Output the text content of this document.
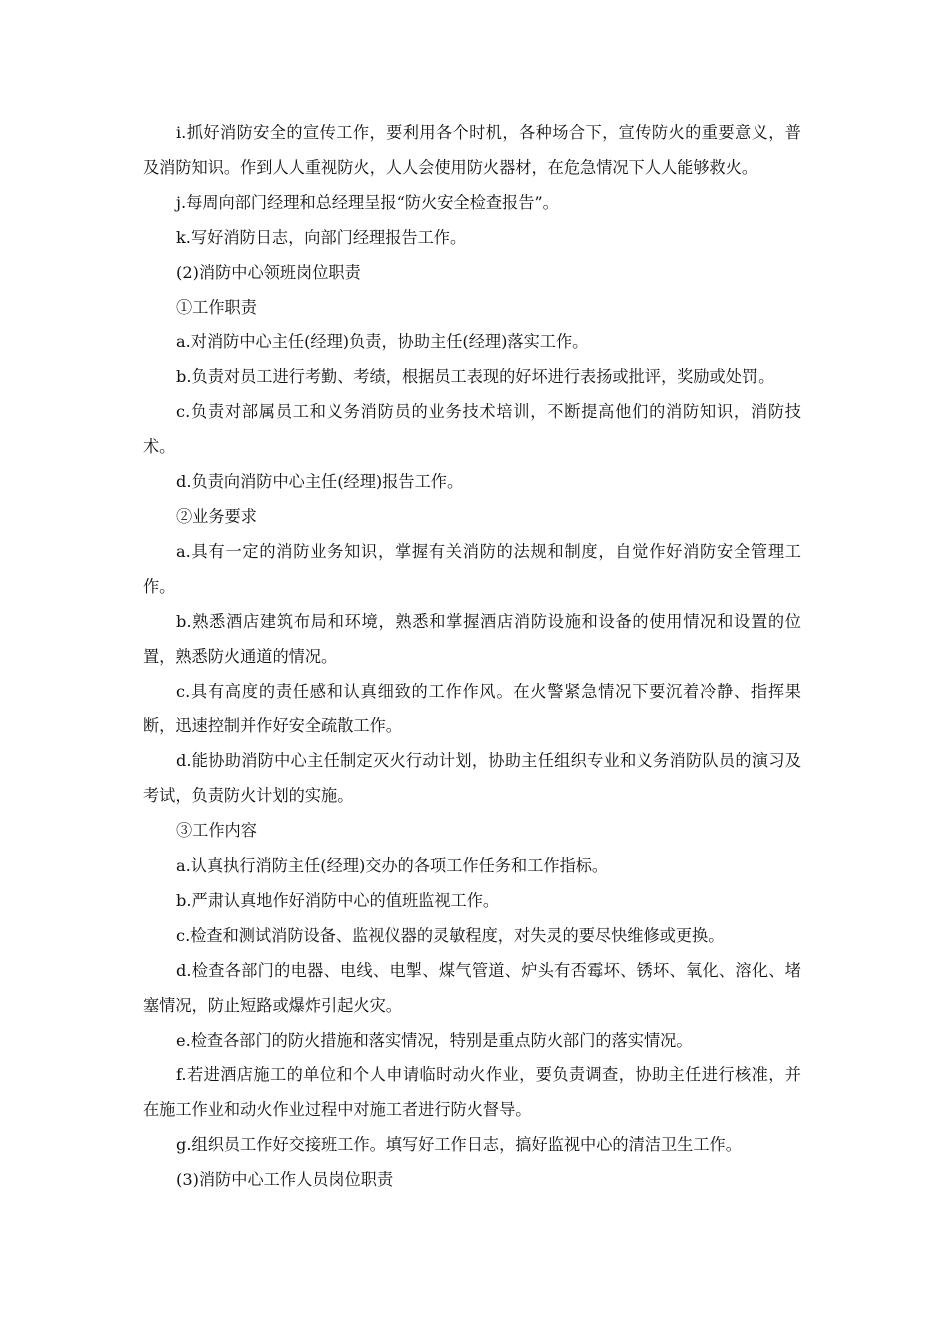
i.抓好消防安全的宣传工作，要利用各个时机，各种场合下，宣传防火的重要意义，普及消防知识。作到人人重视防火，人人会使用防火器材，在危急情况下人人能够救火。

j.每周向部门经理和总经理呈报“防火安全检查报告”。

k.写好消防日志，向部门经理报告工作。

(2)消防中心领班岗位职责

①工作职责

a.对消防中心主任(经理)负责，协助主任(经理)落实工作。

b.负责对员工进行考勤、考绩，根据员工表现的好坏进行表扬或批评，奖励或处罚。

c.负责对部属员工和义务消防员的业务技术培训，不断提高他们的消防知识，消防技术。

d.负责向消防中心主任(经理)报告工作。

②业务要求

a.具有一定的消防业务知识，掌握有关消防的法规和制度，自觉作好消防安全管理工作。

b.熟悉酒店建筑布局和环境，熟悉和掌握酒店消防设施和设备的使用情况和设置的位置，熟悉防火通道的情况。

c.具有高度的责任感和认真细致的工作作风。在火警紧急情况下要沉着冷静、指挥果断，迅速控制并作好安全疏散工作。

d.能协助消防中心主任制定灭火行动计划，协助主任组织专业和义务消防队员的演习及考试，负责防火计划的实施。

③工作内容

a.认真执行消防主任(经理)交办的各项工作任务和工作指标。

b.严肃认真地作好消防中心的值班监视工作。

c.检查和测试消防设备、监视仪器的灵敏程度，对失灵的要尽快维修或更换。

d.检查各部门的电器、电线、电掣、煤气管道、炉头有否霉坏、锈坏、氧化、溶化、堵塞情况，防止短路或爆炸引起火灾。

e.检查各部门的防火措施和落实情况，特别是重点防火部门的落实情况。

f.若进酒店施工的单位和个人申请临时动火作业，要负责调查，协助主任进行核准，并在施工作业和动火作业过程中对施工者进行防火督导。

g.组织员工作好交接班工作。填写好工作日志，搞好监视中心的清洁卫生工作。

(3)消防中心工作人员岗位职责
